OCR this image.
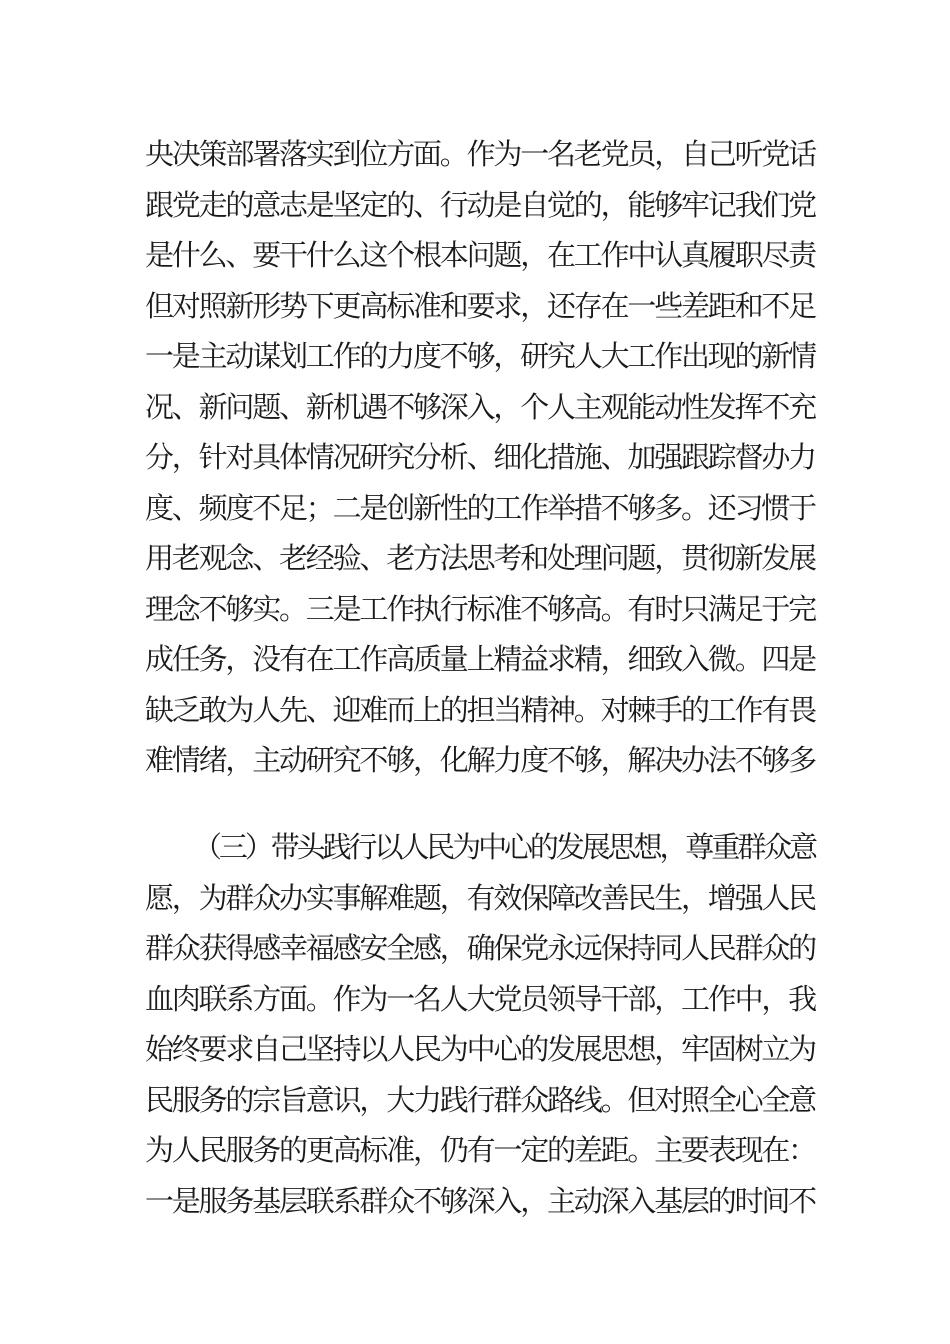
央决策部署落实到位方面。作为一名老党员，自己听党话
跟党走的意志是坚定的、行动是自觉的，能够牢记我们党
是什么、要干什么这个根本问题，在工作中认真履职尽责
但对照新形势下更高标准和要求，还存在一些差距和不足
一是主动谋划工作的力度不够，研究人大工作出现的新情
况、新问题、新机遇不够深入，个人主观能动性发挥不充
分，针对具体情况研究分析、细化措施、加强跟踪督办力
度、频度不足；二是创新性的工作举措不够多。还习惯于
用老观念、老经验、老方法思考和处理问题，贯彻新发展
理念不够实。三是工作执行标准不够高。有时只满足于完
成任务，没有在工作高质量上精益求精，细致入微。四是
缺乏敢为人先、迎难而上的担当精神。对棘手的工作有畏
难情绪，主动研究不够，化解力度不够，解决办法不够多
（三）带头践行以人民为中心的发展思想，尊重群众意
愿，为群众办实事解难题，有效保障改善民生，增强人民
群众获得感幸福感安全感，确保党永远保持同人民群众的
血肉联系方面。作为一名人大党员领导干部，工作中，我
始终要求自己坚持以人民为中心的发展思想，牢固树立为
民服务的宗旨意识，大力践行群众路线。但对照全心全意
为人民服务的更高标准，仍有一定的差距。主要表现在：
一是服务基层联系群众不够深入，主动深入基层的时间不
